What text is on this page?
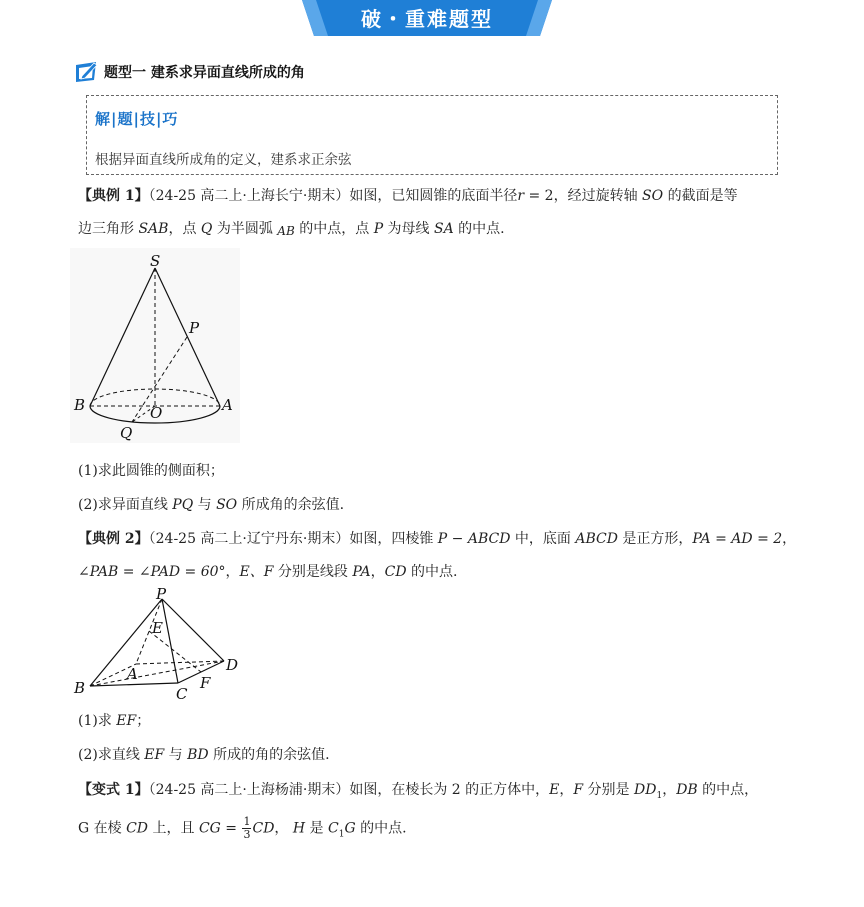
破・重难题型
题型一 建系求异面直线所成的角
解|题|技|巧
根据异面直线所成角的定义，建系求正余弦
【典例 1】（24-25 高二上·上海长宁·期末）如图，已知圆锥的底面半径r = 2，经过旋转轴 SO 的截面是等
边三角形 SAB，点 Q 为半圆弧 AB 的中点，点 P 为母线 SA 的中点.
S
P
B	O	A
Q
(1)求此圆锥的侧面积；
(2)求异面直线 PQ 与 SO 所成角的余弦值.
【典例 2】（24-25 高二上·辽宁丹东·期末）如图，四棱锥 P − ABCD 中，底面 ABCD 是正方形，PA = AD = 2，
∠PAB = ∠PAD = 60°，E、F 分别是线段 PA，CD 的中点.
P
E
D
A	F
B	C
(1)求 EF；
(2)求直线 EF 与 BD 所成的角的余弦值.
【变式 1】（24-25 高二上·上海杨浦·期末）如图，在棱长为 2 的正方体中，E，F 分别是 $DD_1$，DB 的中点，
G 在棱 CD 上，且 CG = $\frac{1}{3}$ CD， H 是 $C_1G$ 的中点.
